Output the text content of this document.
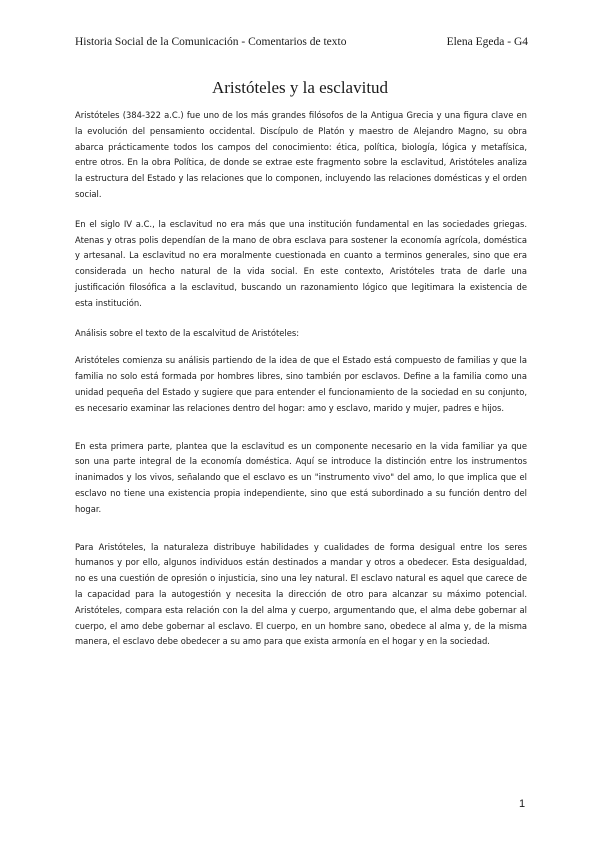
Historia Social de la Comunicación - Comentarios de texto	Elena Egeda - G4
Aristóteles y la esclavitud

Aristóteles (384-322 a.C.) fue uno de los más grandes filósofos de la Antigua Grecia y una figura clave en la evolución del pensamiento occidental. Discípulo de Platón y maestro de Alejandro Magno, su obra abarca prácticamente todos los campos del conocimiento: ética, política, biología, lógica y metafísica, entre otros. En la obra Política, de donde se extrae este fragmento sobre la esclavitud, Aristóteles analiza la estructura del Estado y las relaciones que lo componen, incluyendo las relaciones domésticas y el orden social.

En el siglo IV a.C., la esclavitud no era más que una institución fundamental en las sociedades griegas. Atenas y otras polis dependían de la mano de obra esclava para sostener la economía agrícola, doméstica y artesanal. La esclavitud no era moralmente cuestionada en cuanto a terminos generales, sino que era considerada un hecho natural de la vida social. En este contexto, Aristóteles trata de darle una justificación filosófica a la esclavitud, buscando un razonamiento lógico que legitimara la existencia de esta institución.

Análisis sobre el texto de la escalvitud de Aristóteles:

Aristóteles comienza su análisis partiendo de la idea de que el Estado está compuesto de familias y que la familia no solo está formada por hombres libres, sino también por esclavos. Define a la familia como una unidad pequeña del Estado y sugiere que para entender el funcionamiento de la sociedad en su conjunto, es necesario examinar las relaciones dentro del hogar: amo y esclavo, marido y mujer, padres e hijos.

En esta primera parte, plantea que la esclavitud es un componente necesario en la vida familiar ya que son una parte integral de la economía doméstica. Aquí se introduce la distinción entre los instrumentos inanimados y los vivos, señalando que el esclavo es un "instrumento vivo" del amo, lo que implica que el esclavo no tiene una existencia propia independiente, sino que está subordinado a su función dentro del hogar.

Para Aristóteles, la naturaleza distribuye habilidades y cualidades de forma desigual entre los seres humanos y por ello, algunos individuos están destinados a mandar y otros a obedecer. Esta desigualdad, no es una cuestión de opresión o injusticia, sino una ley natural. El esclavo natural es aquel que carece de la capacidad para la autogestión y necesita la dirección de otro para alcanzar su máximo potencial. Aristóteles, compara esta relación con la del alma y cuerpo, argumentando que, el alma debe gobernar al cuerpo, el amo debe gobernar al esclavo. El cuerpo, en un hombre sano, obedece al alma y, de la misma manera, el esclavo debe obedecer a su amo para que exista armonía en el hogar y en la sociedad.

1
